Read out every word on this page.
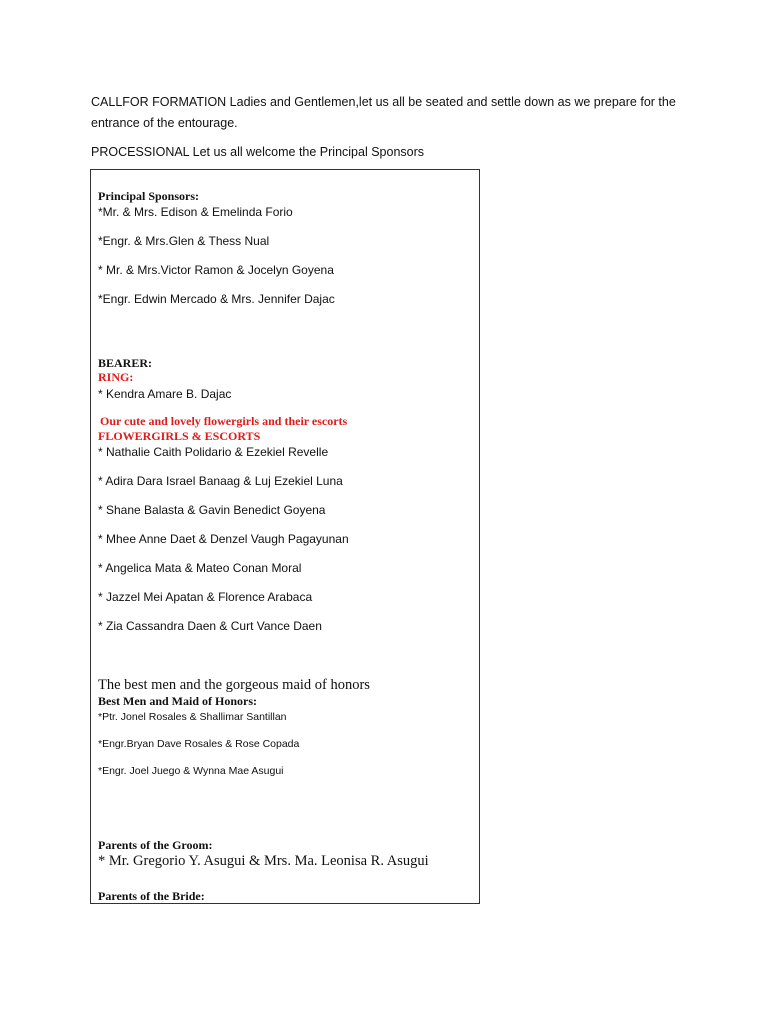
CALLFOR FORMATION Ladies and Gentlemen,let us all be seated and settle down as we prepare for the entrance of the entourage.
PROCESSIONAL Let us all welcome the Principal Sponsors
Principal Sponsors:
*Mr. & Mrs. Edison & Emelinda Forio
*Engr. & Mrs.Glen & Thess Nual
* Mr. & Mrs.Victor Ramon & Jocelyn Goyena
*Engr. Edwin Mercado & Mrs. Jennifer Dajac
BEARER:
RING:
* Kendra Amare B. Dajac
Our cute and lovely flowergirls and their escorts
FLOWERGIRLS & ESCORTS
* Nathalie Caith Polidario & Ezekiel Revelle
* Adira Dara Israel Banaag & Luj Ezekiel Luna
* Shane Balasta & Gavin Benedict Goyena
* Mhee Anne Daet & Denzel Vaugh Pagayunan
* Angelica Mata & Mateo Conan Moral
* Jazzel Mei Apatan & Florence Arabaca
* Zia Cassandra Daen & Curt Vance Daen
The best men and the gorgeous maid of honors
Best Men and Maid of Honors:
*Ptr. Jonel Rosales & Shallimar Santillan
*Engr.Bryan Dave Rosales & Rose Copada
*Engr. Joel Juego & Wynna Mae Asugui
Parents of the Groom:
* Mr. Gregorio Y. Asugui & Mrs. Ma. Leonisa R. Asugui
Parents of the Bride:
